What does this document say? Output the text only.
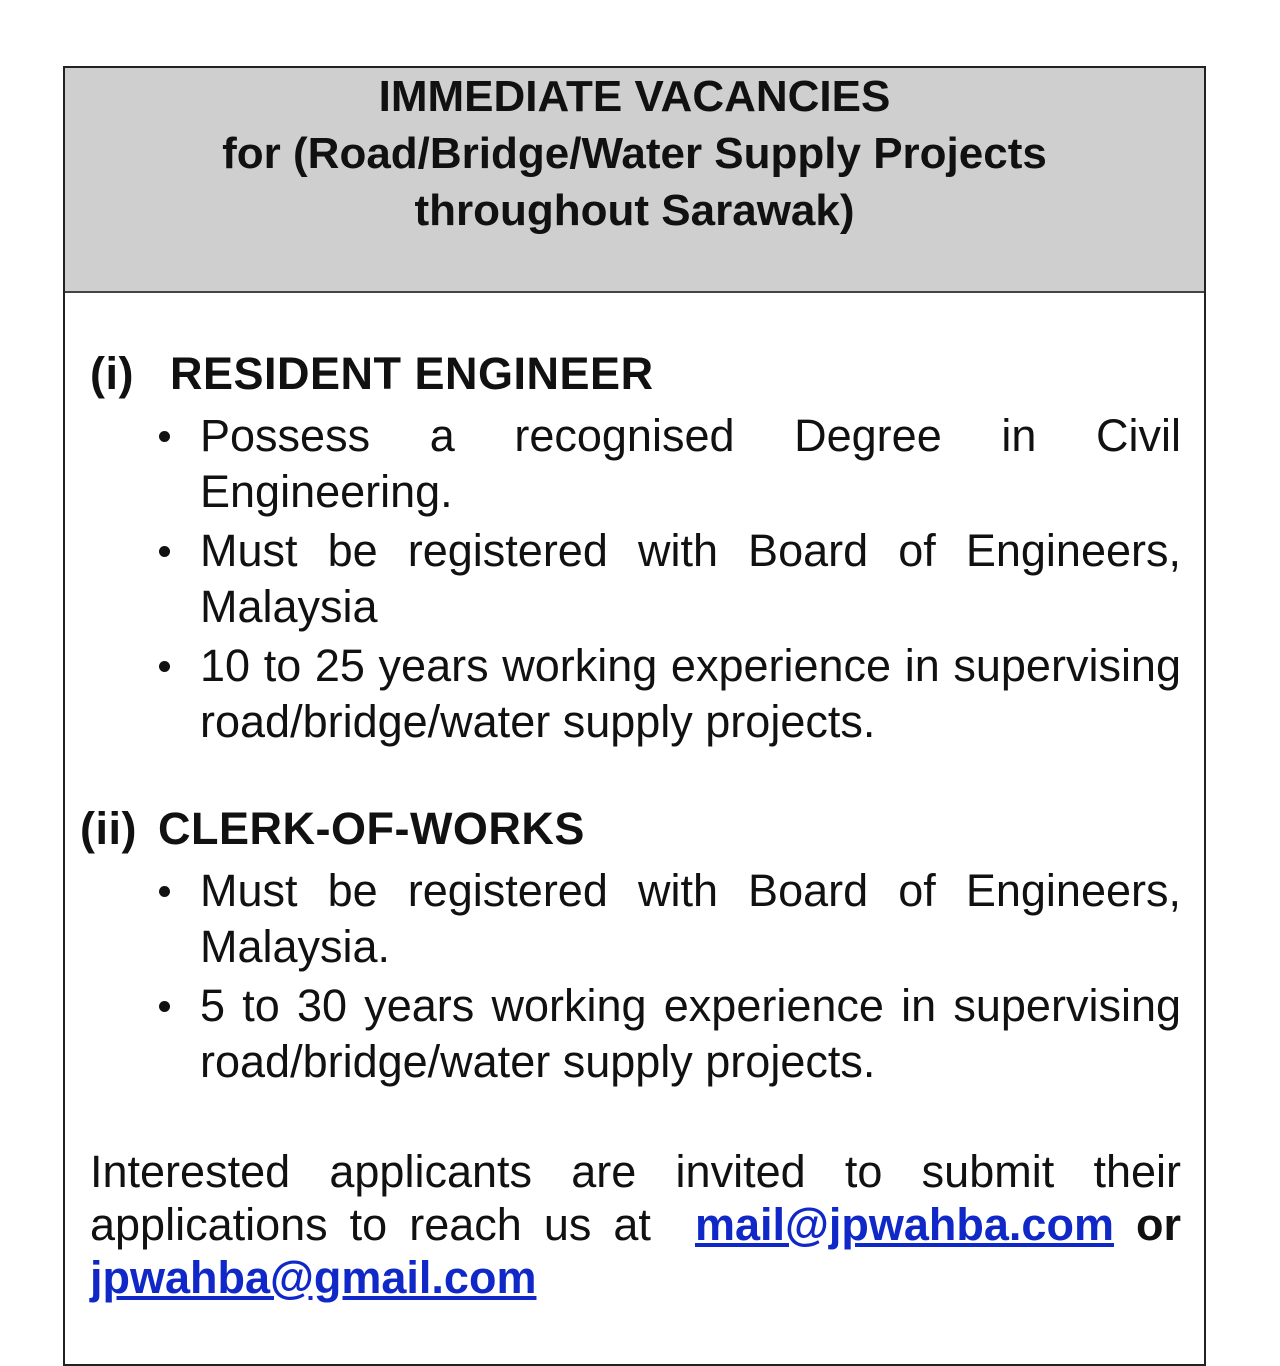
IMMEDIATE VACANCIES
for (Road/Bridge/Water Supply Projects
throughout Sarawak)
(i) RESIDENT ENGINEER
Possess a recognised Degree in Civil Engineering.
Must be registered with Board of Engineers, Malaysia
10 to 25 years working experience in supervising road/bridge/water supply projects.
(ii) CLERK-OF-WORKS
Must be registered with Board of Engineers, Malaysia.
5 to 30 years working experience in supervising road/bridge/water supply projects.
Interested applicants are invited to submit their applications to reach us at mail@jpwahba.com or jpwahba@gmail.com
